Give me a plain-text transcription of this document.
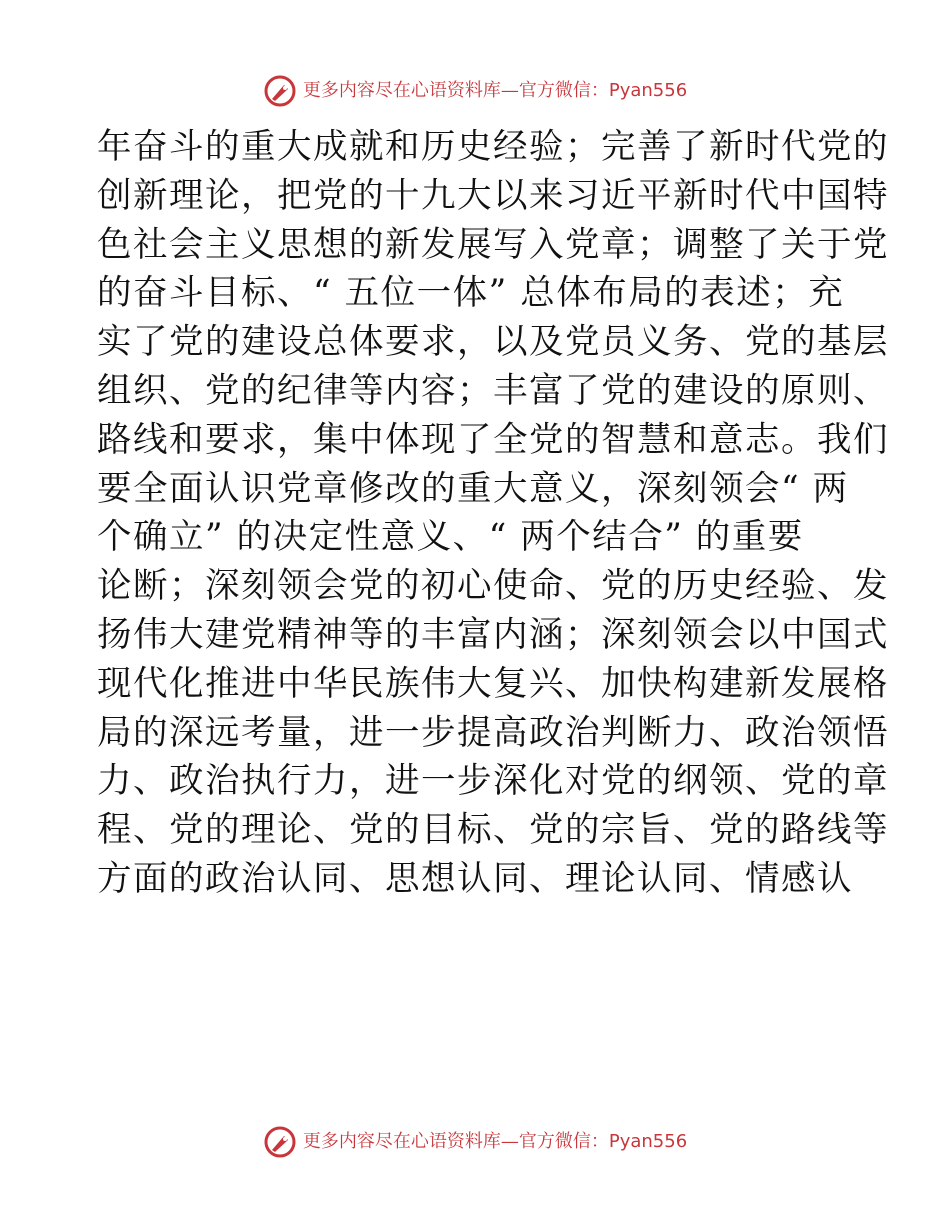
更多内容尽在心语资料库—官方微信：Pyan556
年奋斗的重大成就和历史经验；完善了新时代党的
创新理论，把党的十九大以来习近平新时代中国特
色社会主义思想的新发展写入党章；调整了关于党
的奋斗目标、“ 五位一体” 总体布局的表述；充
实了党的建设总体要求，以及党员义务、党的基层
组织、党的纪律等内容；丰富了党的建设的原则、
路线和要求，集中体现了全党的智慧和意志。我们
要全面认识党章修改的重大意义，深刻领会“ 两
个确立” 的决定性意义、“ 两个结合” 的重要
论断；深刻领会党的初心使命、党的历史经验、发
扬伟大建党精神等的丰富内涵；深刻领会以中国式
现代化推进中华民族伟大复兴、加快构建新发展格
局的深远考量，进一步提高政治判断力、政治领悟
力、政治执行力，进一步深化对党的纲领、党的章
程、党的理论、党的目标、党的宗旨、党的路线等
方面的政治认同、思想认同、理论认同、情感认
更多内容尽在心语资料库—官方微信：Pyan556
